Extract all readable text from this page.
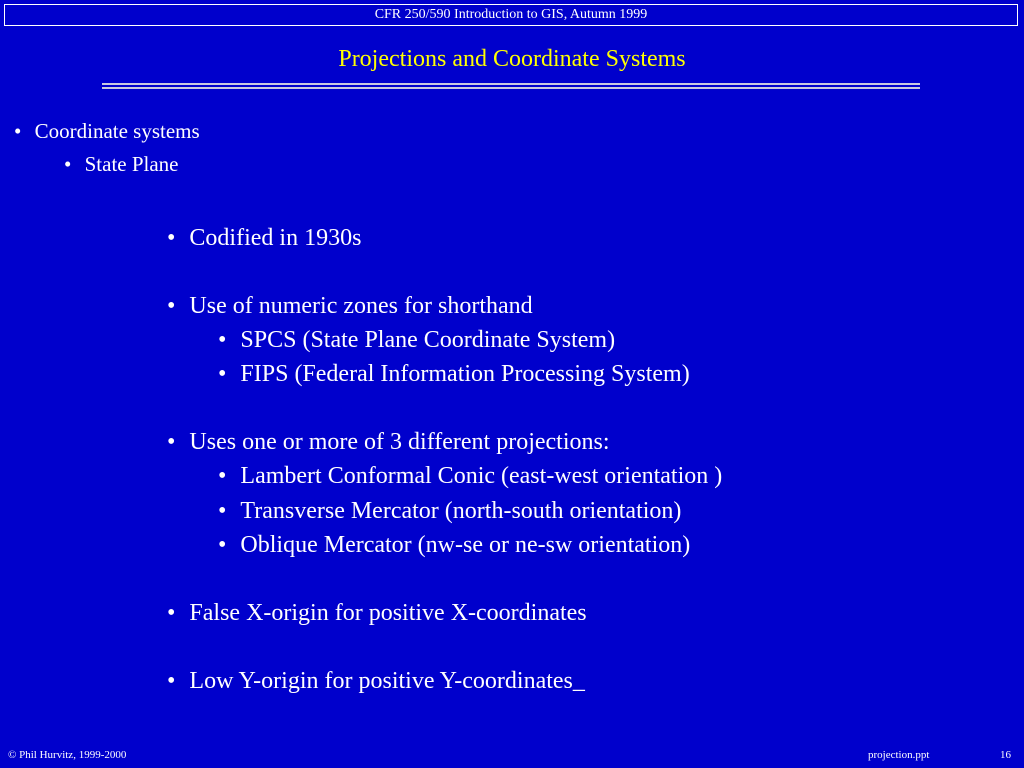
CFR 250/590 Introduction to GIS, Autumn 1999
Projections and Coordinate Systems
• Coordinate systems
• State Plane
• Codified in 1930s
• Use of numeric zones for shorthand
• SPCS (State Plane Coordinate System)
• FIPS (Federal Information Processing System)
• Uses one or more of 3 different projections:
• Lambert Conformal Conic (east-west orientation )
• Transverse Mercator (north-south orientation)
• Oblique Mercator (nw-se or ne-sw orientation)
• False X-origin for positive X-coordinates
• Low Y-origin for positive Y-coordinates_
© Phil Hurvitz, 1999-2000	projection.ppt	16
